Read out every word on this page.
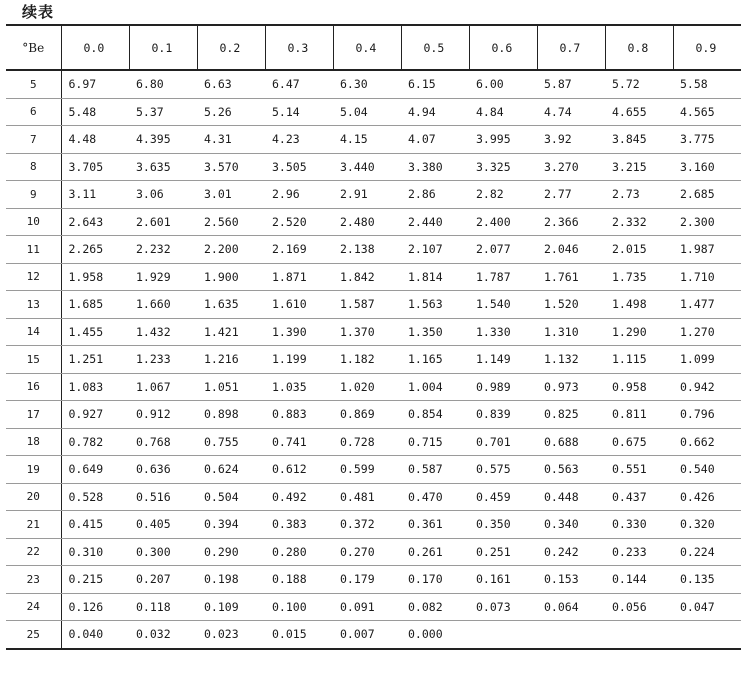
续表
°Be	0.0	0.1	0.2	0.3	0.4	0.5	0.6	0.7	0.8	0.9
5	6.97	6.80	6.63	6.47	6.30	6.15	6.00	5.87	5.72	5.58
6	5.48	5.37	5.26	5.14	5.04	4.94	4.84	4.74	4.655	4.565
7	4.48	4.395	4.31	4.23	4.15	4.07	3.995	3.92	3.845	3.775
8	3.705	3.635	3.570	3.505	3.440	3.380	3.325	3.270	3.215	3.160
9	3.11	3.06	3.01	2.96	2.91	2.86	2.82	2.77	2.73	2.685
10	2.643	2.601	2.560	2.520	2.480	2.440	2.400	2.366	2.332	2.300
11	2.265	2.232	2.200	2.169	2.138	2.107	2.077	2.046	2.015	1.987
12	1.958	1.929	1.900	1.871	1.842	1.814	1.787	1.761	1.735	1.710
13	1.685	1.660	1.635	1.610	1.587	1.563	1.540	1.520	1.498	1.477
14	1.455	1.432	1.421	1.390	1.370	1.350	1.330	1.310	1.290	1.270
15	1.251	1.233	1.216	1.199	1.182	1.165	1.149	1.132	1.115	1.099
16	1.083	1.067	1.051	1.035	1.020	1.004	0.989	0.973	0.958	0.942
17	0.927	0.912	0.898	0.883	0.869	0.854	0.839	0.825	0.811	0.796
18	0.782	0.768	0.755	0.741	0.728	0.715	0.701	0.688	0.675	0.662
19	0.649	0.636	0.624	0.612	0.599	0.587	0.575	0.563	0.551	0.540
20	0.528	0.516	0.504	0.492	0.481	0.470	0.459	0.448	0.437	0.426
21	0.415	0.405	0.394	0.383	0.372	0.361	0.350	0.340	0.330	0.320
22	0.310	0.300	0.290	0.280	0.270	0.261	0.251	0.242	0.233	0.224
23	0.215	0.207	0.198	0.188	0.179	0.170	0.161	0.153	0.144	0.135
24	0.126	0.118	0.109	0.100	0.091	0.082	0.073	0.064	0.056	0.047
25	0.040	0.032	0.023	0.015	0.007	0.000				
